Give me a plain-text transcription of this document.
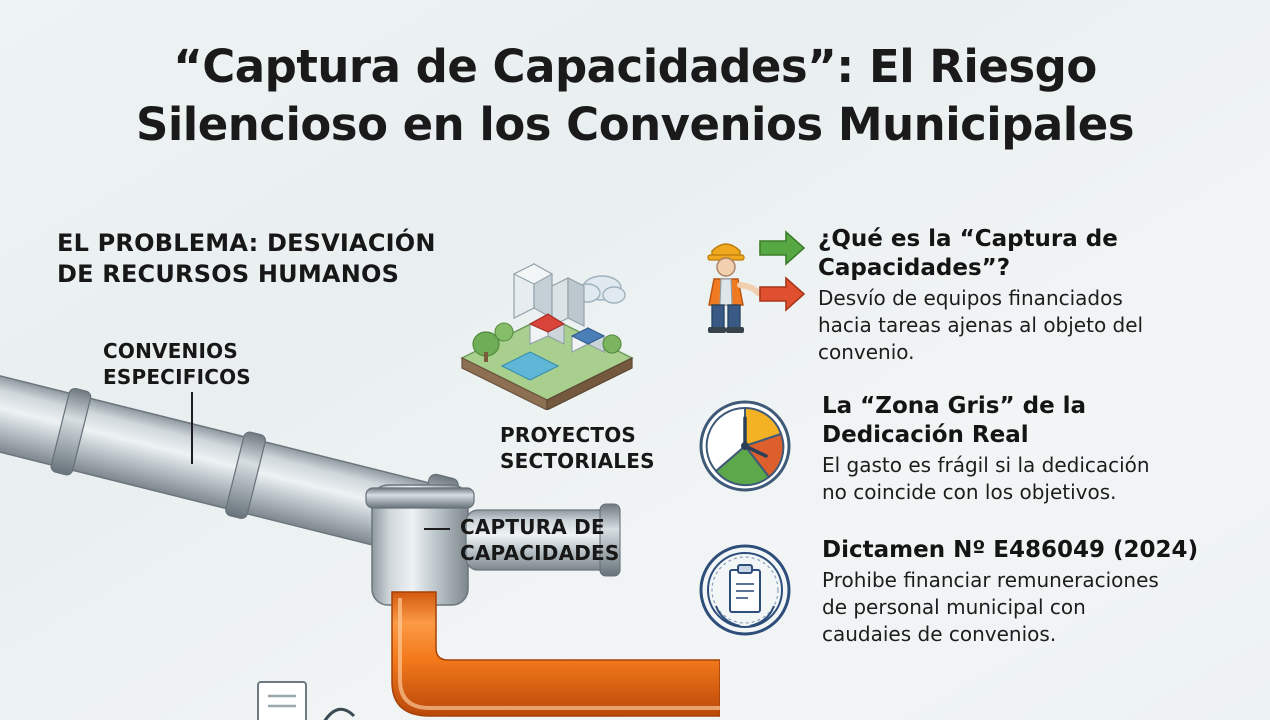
“Captura de Capacidades”: El Riesgo
Silencioso en los Convenios Municipales
EL PROBLEMA: DESVIACIÓN
DE RECURSOS HUMANOS
CONVENIOS
ESPECIFICOS
PROYECTOS
SECTORIALES
CAPTURA DE
CAPACIDADES
¿Qué es la “Captura de
Capacidades”?
Desvío de equipos financiados
hacia tareas ajenas al objeto del
convenio.
La “Zona Gris” de la
Dedicación Real
El gasto es frágil si la dedicación
no coincide con los objetivos.
Dictamen Nº E486049 (2024)
Prohibe financiar remuneraciones
de personal municipal con
caudaies de convenios.
